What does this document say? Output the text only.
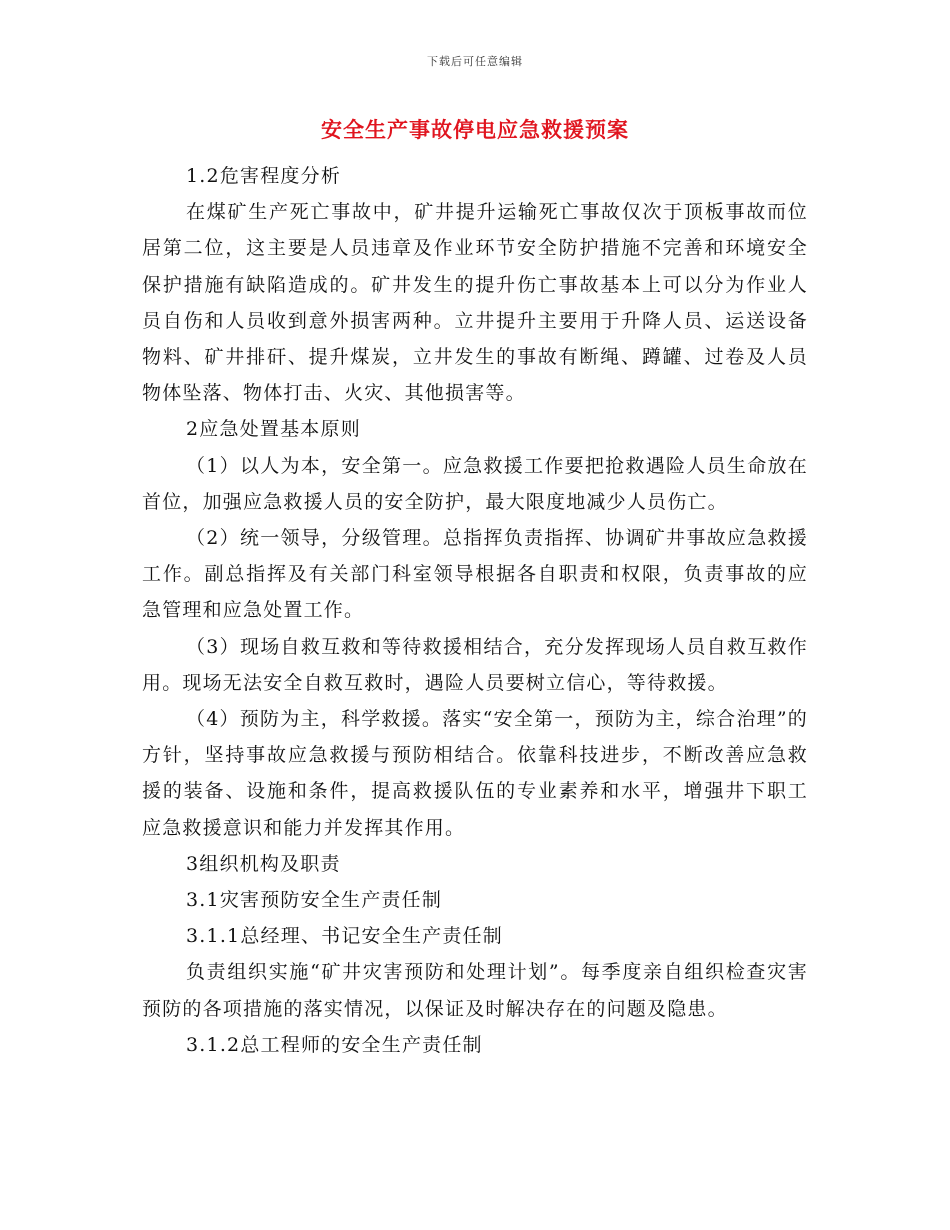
下载后可任意编辑
安全生产事故停电应急救援预案

1.2危害程度分析

在煤矿生产死亡事故中，矿井提升运输死亡事故仅次于顶板事故而位居第二位，这主要是人员违章及作业环节安全防护措施不完善和环境安全保护措施有缺陷造成的。矿井发生的提升伤亡事故基本上可以分为作业人员自伤和人员收到意外损害两种。立井提升主要用于升降人员、运送设备物料、矿井排矸、提升煤炭，立井发生的事故有断绳、蹲罐、过卷及人员物体坠落、物体打击、火灾、其他损害等。

2应急处置基本原则

（1）以人为本，安全第一。应急救援工作要把抢救遇险人员生命放在首位，加强应急救援人员的安全防护，最大限度地减少人员伤亡。

（2）统一领导，分级管理。总指挥负责指挥、协调矿井事故应急救援工作。副总指挥及有关部门科室领导根据各自职责和权限，负责事故的应急管理和应急处置工作。

（3）现场自救互救和等待救援相结合，充分发挥现场人员自救互救作用。现场无法安全自救互救时，遇险人员要树立信心，等待救援。

（4）预防为主，科学救援。落实“安全第一，预防为主，综合治理”的方针，坚持事故应急救援与预防相结合。依靠科技进步，不断改善应急救援的装备、设施和条件，提高救援队伍的专业素养和水平，增强井下职工应急救援意识和能力并发挥其作用。

3组织机构及职责

3.1灾害预防安全生产责任制

3.1.1总经理、书记安全生产责任制

负责组织实施“矿井灾害预防和处理计划”。每季度亲自组织检查灾害预防的各项措施的落实情况，以保证及时解决存在的问题及隐患。

3.1.2总工程师的安全生产责任制
